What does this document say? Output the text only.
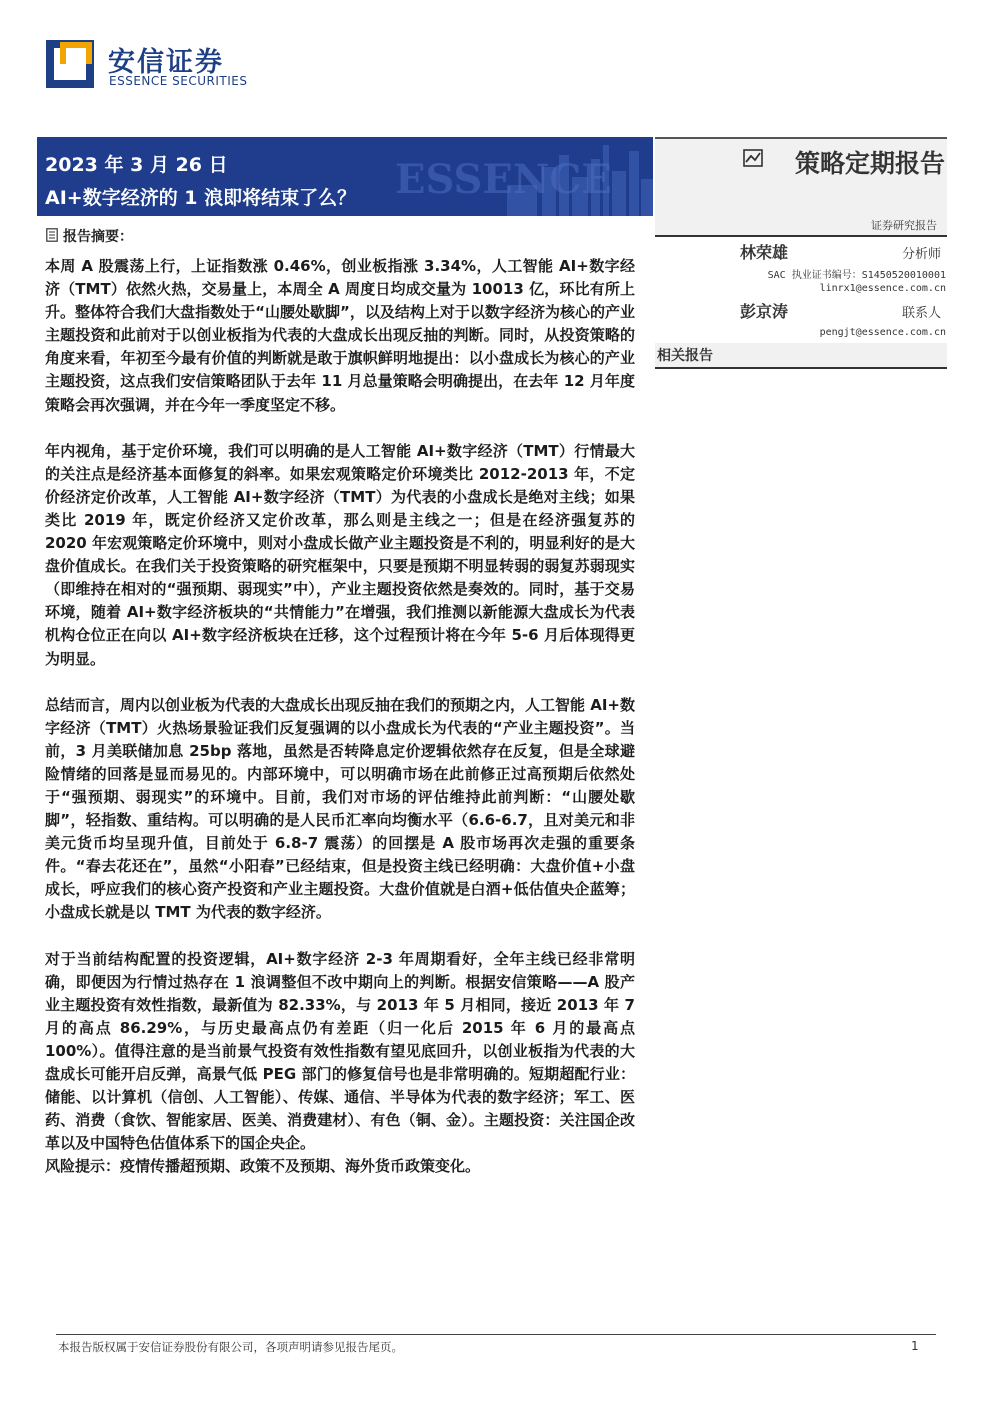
安信证券
ESSENCE SECURITIES
ESSENCE
2023 年 3 月 26 日
AI+数字经济的 1 浪即将结束了么？
策略定期报告
证券研究报告
林荣雄	分析师
SAC 执业证书编号：S1450520010001
linrx1@essence.com.cn
彭京涛	联系人
pengjt@essence.com.cn
相关报告
报告摘要：

本周 A 股震荡上行，上证指数涨 0.46%，创业板指涨 3.34%，人工智能 AI+数字经济（TMT）依然火热，交易量上，本周全 A 周度日均成交量为 10013 亿，环比有所上升。整体符合我们大盘指数处于“山腰处歇脚”，以及结构上对于以数字经济为核心的产业主题投资和此前对于以创业板指为代表的大盘成长出现反抽的判断。同时，从投资策略的角度来看，年初至今最有价值的判断就是敢于旗帜鲜明地提出：以小盘成长为核心的产业主题投资，这点我们安信策略团队于去年 11 月总量策略会明确提出，在去年 12 月年度策略会再次强调，并在今年一季度坚定不移。

年内视角，基于定价环境，我们可以明确的是人工智能 AI+数字经济（TMT）行情最大的关注点是经济基本面修复的斜率。如果宏观策略定价环境类比 2012-2013 年，不定价经济定价改革，人工智能 AI+数字经济（TMT）为代表的小盘成长是绝对主线；如果类比 2019 年，既定价经济又定价改革，那么则是主线之一；但是在经济强复苏的 2020 年宏观策略定价环境中，则对小盘成长做产业主题投资是不利的，明显利好的是大盘价值成长。在我们关于投资策略的研究框架中，只要是预期不明显转弱的弱复苏弱现实（即维持在相对的“强预期、弱现实”中），产业主题投资依然是奏效的。同时，基于交易环境，随着 AI+数字经济板块的“共情能力”在增强，我们推测以新能源大盘成长为代表机构仓位正在向以 AI+数字经济板块在迁移，这个过程预计将在今年 5-6 月后体现得更为明显。

总结而言，周内以创业板为代表的大盘成长出现反抽在我们的预期之内，人工智能 AI+数字经济（TMT）火热场景验证我们反复强调的以小盘成长为代表的“产业主题投资”。当前，3 月美联储加息 25bp 落地，虽然是否转降息定价逻辑依然存在反复，但是全球避险情绪的回落是显而易见的。内部环境中，可以明确市场在此前修正过高预期后依然处于“强预期、弱现实”的环境中。目前，我们对市场的评估维持此前判断：“山腰处歇脚”，轻指数、重结构。可以明确的是人民币汇率向均衡水平（6.6-6.7，且对美元和非美元货币均呈现升值，目前处于 6.8-7 震荡）的回摆是 A 股市场再次走强的重要条件。“春去花还在”，虽然“小阳春”已经结束，但是投资主线已经明确：大盘价值+小盘成长，呼应我们的核心资产投资和产业主题投资。大盘价值就是白酒+低估值央企蓝筹；小盘成长就是以 TMT 为代表的数字经济。

对于当前结构配置的投资逻辑，AI+数字经济 2-3 年周期看好，全年主线已经非常明确，即便因为行情过热存在 1 浪调整但不改中期向上的判断。根据安信策略——A 股产业主题投资有效性指数，最新值为 82.33%，与 2013 年 5 月相同，接近 2013 年 7 月的高点 86.29%，与历史最高点仍有差距（归一化后 2015 年 6 月的最高点 100%）。值得注意的是当前景气投资有效性指数有望见底回升，以创业板指为代表的大盘成长可能开启反弹，高景气低 PEG 部门的修复信号也是非常明确的。短期超配行业：储能、以计算机（信创、人工智能）、传媒、通信、半导体为代表的数字经济；军工、医药、消费（食饮、智能家居、医美、消费建材）、有色（铜、金）。主题投资：关注国企改革以及中国特色估值体系下的国企央企。

风险提示：疫情传播超预期、政策不及预期、海外货币政策变化。

本报告版权属于安信证券股份有限公司，各项声明请参见报告尾页。	1
